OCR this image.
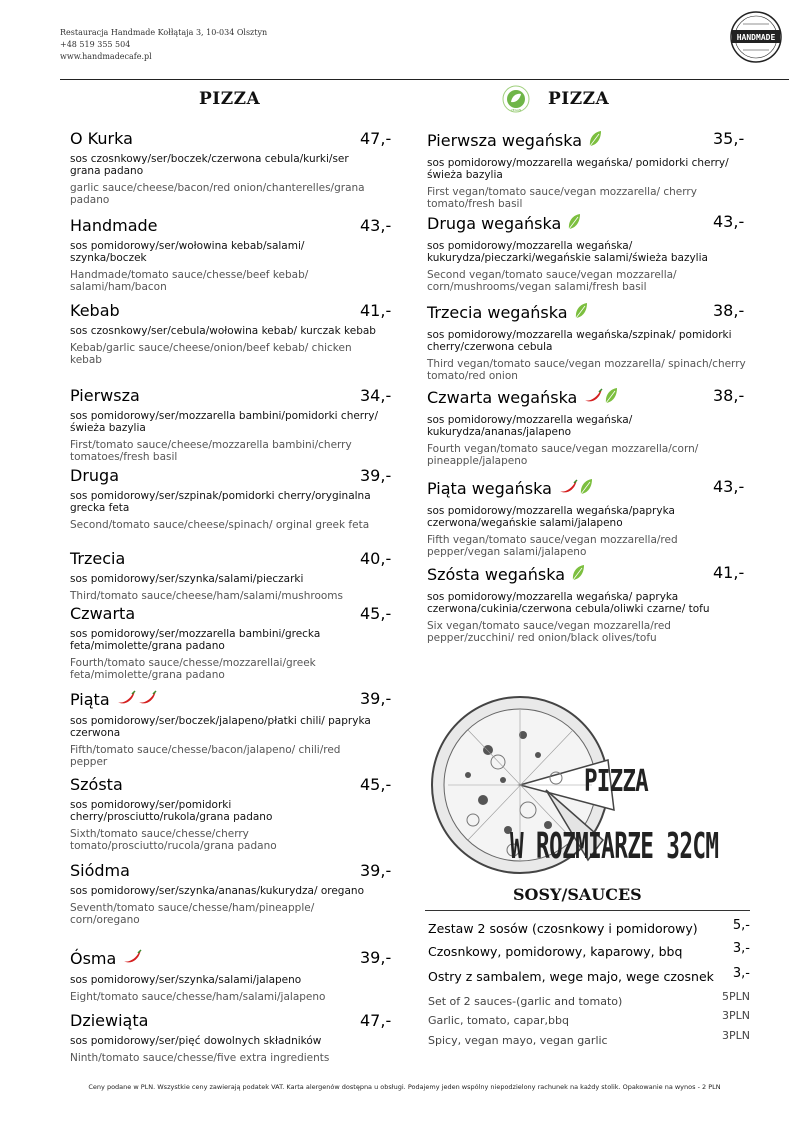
Restauracja Handmade Kołłątaja 3, 10-034 Olsztyn
+48 519 355 504
www.handmadecafe.pl
HANDMADE
PIZZA
VEGAN
PIZZA
O Kurka	47,-
sos czosnkowy/ser/boczek/czerwona cebula/kurki/ser grana padano
garlic sauce/cheese/bacon/red onion/chanterelles/grana padano
Handmade	43,-
sos pomidorowy/ser/wołowina kebab/salami/ szynka/boczek
Handmade/tomato sauce/chesse/beef kebab/ salami/ham/bacon
Kebab	41,-
sos czosnkowy/ser/cebula/wołowina kebab/ kurczak kebab
Kebab/garlic sauce/cheese/onion/beef kebab/ chicken kebab
Pierwsza	34,-
sos pomidorowy/ser/mozzarella bambini/pomidorki cherry/świeża bazylia
First/tomato sauce/cheese/mozzarella bambini/cherry tomatoes/fresh basil
Druga	39,-
sos pomidorowy/ser/szpinak/pomidorki cherry/oryginalna grecka feta
Second/tomato sauce/cheese/spinach/ orginal greek feta
Trzecia	40,-
sos pomidorowy/ser/szynka/salami/pieczarki
Third/tomato sauce/cheese/ham/salami/mushrooms
Czwarta	45,-
sos pomidorowy/ser/mozzarella bambini/grecka feta/mimolette/grana padano
Fourth/tomato sauce/chesse/mozzarellai/greek feta/mimolette/grana padano
Piąta	39,-
sos pomidorowy/ser/boczek/jalapeno/płatki chili/ papryka czerwona
Fifth/tomato sauce/chesse/bacon/jalapeno/ chili/red pepper
Szósta	45,-
sos pomidorowy/ser/pomidorki cherry/prosciutto/rukola/grana padano
Sixth/tomato sauce/chesse/cherry tomato/prosciutto/rucola/grana padano
Siódma	39,-
sos pomidorowy/ser/szynka/ananas/kukurydza/ oregano
Seventh/tomato sauce/chesse/ham/pineapple/ corn/oregano
Ósma	39,-
sos pomidorowy/ser/szynka/salami/jalapeno
Eight/tomato sauce/chesse/ham/salami/jalapeno
Dziewiąta	47,-
sos pomidorowy/ser/pięć dowolnych składników
Ninth/tomato sauce/chesse/five extra ingredients
Pierwsza wegańska	35,-
sos pomidorowy/mozzarella wegańska/ pomidorki cherry/świeża bazylia
First vegan/tomato sauce/vegan mozzarella/ cherry tomato/fresh basil
Druga wegańska	43,-
sos pomidorowy/mozzarella wegańska/ kukurydza/pieczarki/wegańskie salami/świeża bazylia
Second vegan/tomato sauce/vegan mozzarella/ corn/mushrooms/vegan salami/fresh basil
Trzecia wegańska	38,-
sos pomidorowy/mozzarella wegańska/szpinak/ pomidorki cherry/czerwona cebula
Third vegan/tomato sauce/vegan mozzarella/ spinach/cherry tomato/red onion
Czwarta wegańska	38,-
sos pomidorowy/mozzarella wegańska/ kukurydza/ananas/jalapeno
Fourth vegan/tomato sauce/vegan mozzarella/corn/ pineapple/jalapeno
Piąta wegańska	43,-
sos pomidorowy/mozzarella wegańska/papryka czerwona/wegańskie salami/jalapeno
Fifth vegan/tomato sauce/vegan mozzarella/red pepper/vegan salami/jalapeno
Szósta wegańska	41,-
sos pomidorowy/mozzarella wegańska/ papryka czerwona/cukinia/czerwona cebula/oliwki czarne/ tofu
Six vegan/tomato sauce/vegan mozzarella/red pepper/zucchini/ red onion/black olives/tofu
PIZZA
W ROZMIARZE 32CM
SOSY/SAUCES
Zestaw 2 sosów (czosnkowy i pomidorowy)	5,-
Czosnkowy, pomidorowy, kaparowy, bbq	3,-
Ostry z sambalem, wege majo, wege czosnek 3,-
Set of 2 sauces-(garlic and tomato)	5PLN
Garlic, tomato, capar,bbq	3PLN
Spicy, vegan mayo, vegan garlic	3PLN
Ceny podane w PLN. Wszystkie ceny zawierają podatek VAT. Karta alergenów dostępna u obsługi. Podajemy jeden wspólny niepodzielony rachunek na każdy stolik. Opakowanie na wynos - 2 PLN
